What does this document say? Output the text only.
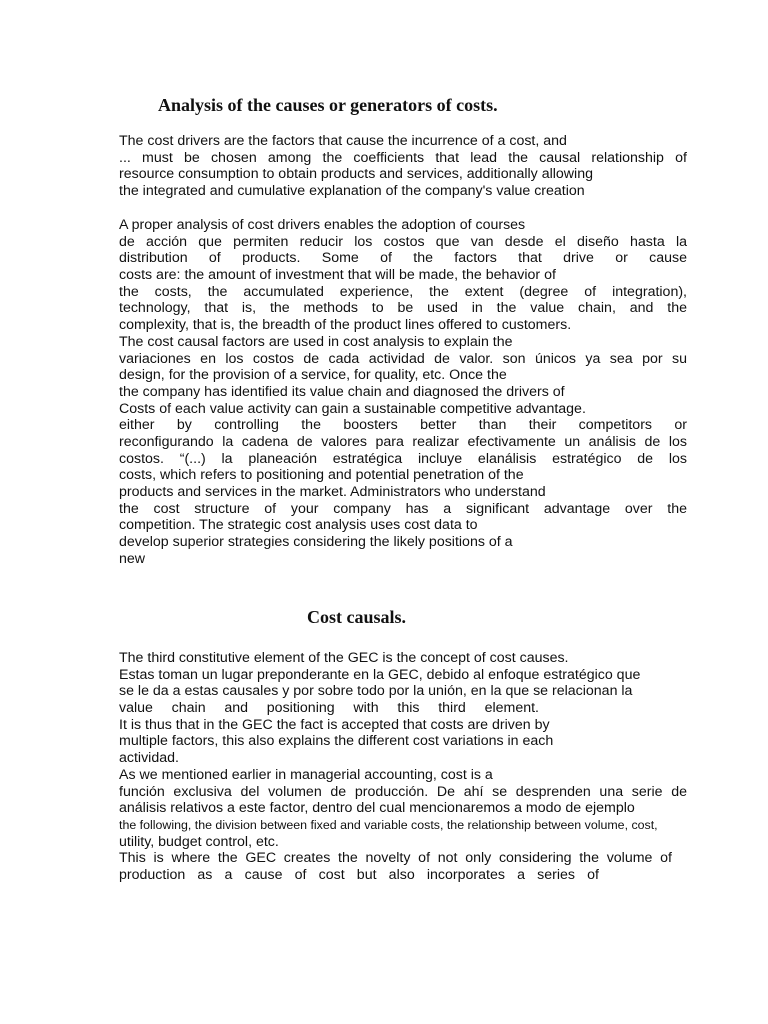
Analysis of the causes or generators of costs.
The cost drivers are the factors that cause the incurrence of a cost, and
... must be chosen among the coefficients that lead the causal relationship of
resource consumption to obtain products and services, additionally allowing
the integrated and cumulative explanation of the company's value creation
A proper analysis of cost drivers enables the adoption of courses
de acción que permiten reducir los costos que van desde el diseño hasta la
distribution of products. Some of the factors that drive or cause
costs are: the amount of investment that will be made, the behavior of
the costs, the accumulated experience, the extent (degree of integration),
technology, that is, the methods to be used in the value chain, and the
complexity, that is, the breadth of the product lines offered to customers.
The cost causal factors are used in cost analysis to explain the
variaciones en los costos de cada actividad de valor. son únicos ya sea por su
design, for the provision of a service, for quality, etc. Once the
the company has identified its value chain and diagnosed the drivers of
Costs of each value activity can gain a sustainable competitive advantage.
either by controlling the boosters better than their competitors or
reconfigurando la cadena de valores para realizar efectivamente un análisis de los
costos. “(...) la planeación estratégica incluye elanálisis estratégico de los
costs, which refers to positioning and potential penetration of the
products and services in the market. Administrators who understand
the cost structure of your company has a significant advantage over the
competition. The strategic cost analysis uses cost data to
develop superior strategies considering the likely positions of a
new
Cost causals.
The third constitutive element of the GEC is the concept of cost causes.
Estas toman un lugar preponderante en la GEC, debido al enfoque estratégico que
se le da a estas causales y por sobre todo por la unión, en la que se relacionan la
value chain and positioning with this third element.
It is thus that in the GEC the fact is accepted that costs are driven by
multiple factors, this also explains the different cost variations in each
actividad.
As we mentioned earlier in managerial accounting, cost is a
función exclusiva del volumen de producción. De ahí se desprenden una serie de
análisis relativos a este factor, dentro del cual mencionaremos a modo de ejemplo
the following, the division between fixed and variable costs, the relationship between volume, cost,
utility, budget control, etc.
This is where the GEC creates the novelty of not only considering the volume of
production as a cause of cost but also incorporates a series of
